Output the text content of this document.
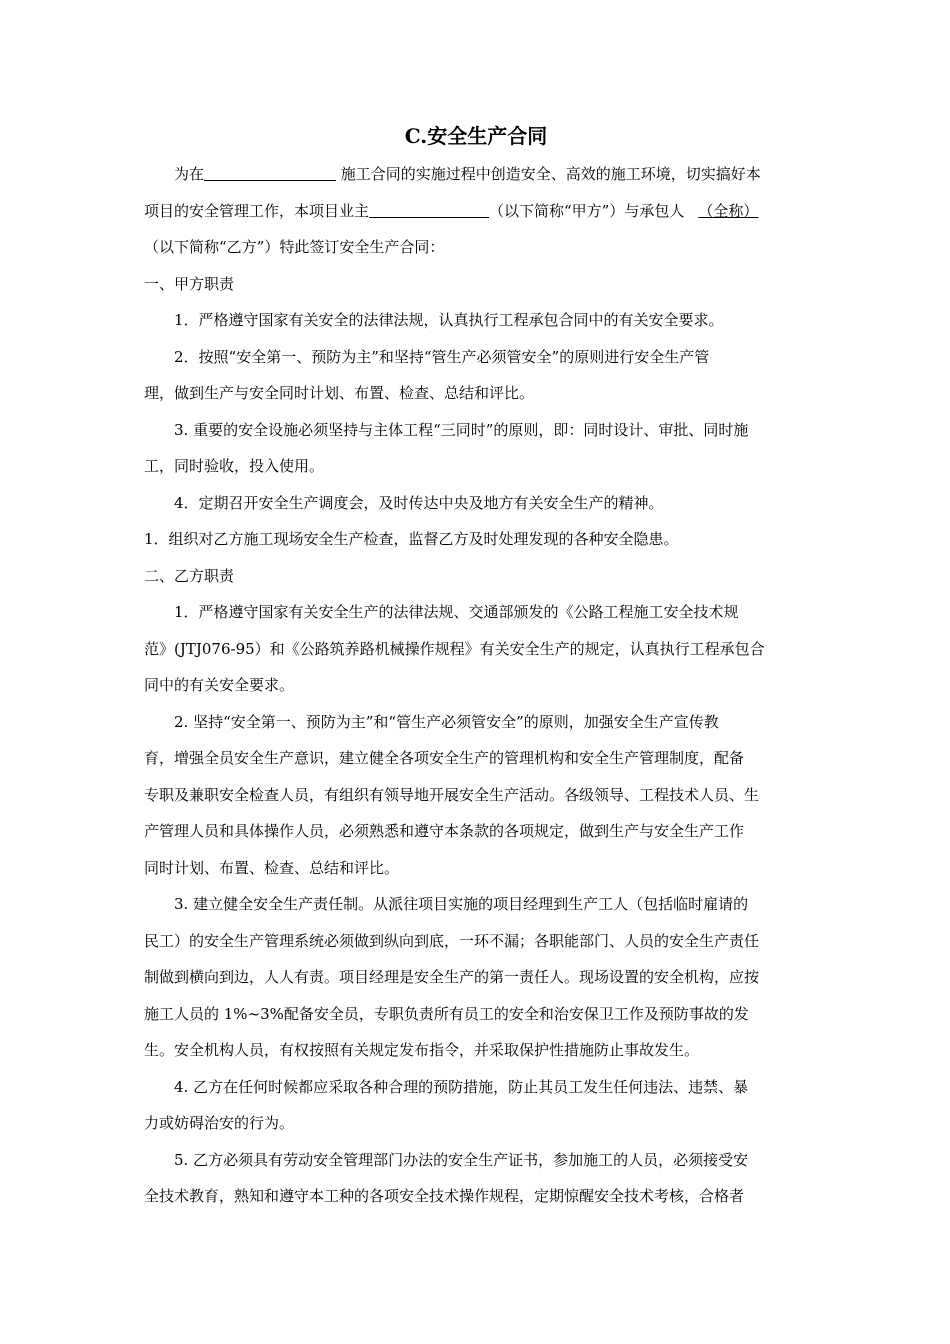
C.安全生产合同
为在	施工合同的实施过程中创造安全、高效的施工环境，切实搞好本
项目的安全管理工作，本项目业主	（以下简称“甲方”）与承包人 （全称）
（以下简称“乙方”）特此签订安全生产合同：
一、甲方职责
1．严格遵守国家有关安全的法律法规，认真执行工程承包合同中的有关安全要求。
2．按照“安全第一、预防为主”和坚持“管生产必须管安全”的原则进行安全生产管
理，做到生产与安全同时计划、布置、检查、总结和评比。
3. 重要的安全设施必须坚持与主体工程“三同时”的原则，即：同时设计、审批、同时施
工，同时验收，投入使用。
4．定期召开安全生产调度会，及时传达中央及地方有关安全生产的精神。
1．组织对乙方施工现场安全生产检查，监督乙方及时处理发现的各种安全隐患。
二、乙方职责
1．严格遵守国家有关安全生产的法律法规、交通部颁发的《公路工程施工安全技术规
范》(JTJ076-95）和《公路筑养路机械操作规程》有关安全生产的规定，认真执行工程承包合
同中的有关安全要求。
2. 坚持“安全第一、预防为主”和“管生产必须管安全”的原则，加强安全生产宣传教
育，增强全员安全生产意识，建立健全各项安全生产的管理机构和安全生产管理制度，配备
专职及兼职安全检查人员，有组织有领导地开展安全生产活动。各级领导、工程技术人员、生
产管理人员和具体操作人员，必须熟悉和遵守本条款的各项规定，做到生产与安全生产工作
同时计划、布置、检查、总结和评比。
3. 建立健全安全生产责任制。从派往项目实施的项目经理到生产工人（包括临时雇请的
民工）的安全生产管理系统必须做到纵向到底，一环不漏；各职能部门、人员的安全生产责任
制做到横向到边，人人有责。项目经理是安全生产的第一责任人。现场设置的安全机构，应按
施工人员的 1%~3%配备安全员，专职负责所有员工的安全和治安保卫工作及预防事故的发
生。安全机构人员，有权按照有关规定发布指令，并采取保护性措施防止事故发生。
4. 乙方在任何时候都应采取各种合理的预防措施，防止其员工发生任何违法、违禁、暴
力或妨碍治安的行为。
5. 乙方必须具有劳动安全管理部门办法的安全生产证书，参加施工的人员，必须接受安
全技术教育，熟知和遵守本工种的各项安全技术操作规程，定期惊醒安全技术考核，合格者
